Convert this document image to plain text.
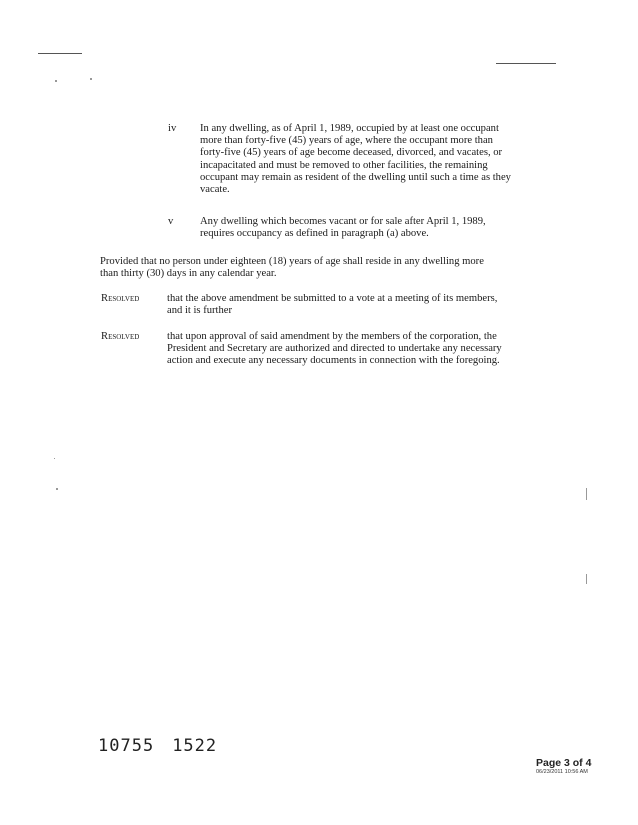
iv In any dwelling, as of April 1, 1989, occupied by at least one occupant
more than forty-five (45) years of age, where the occupant more than
forty-five (45) years of age become deceased, divorced, and vacates, or
incapacitated and must be removed to other facilities, the remaining
occupant may remain as resident of the dwelling until such a time as they
vacate.
v	Any dwelling which becomes vacant or for sale after April 1, 1989,
requires occupancy as defined in paragraph (a) above.
Provided that no person under eighteen (18) years of age shall reside in any dwelling more
than thirty (30) days in any calendar year.
Resolved	that the above amendment be submitted to a vote at a meeting of its members,
and it is further
Resolved	that upon approval of said amendment by the members of the corporation, the
President and Secretary are authorized and directed to undertake any necessary
action and execute any necessary documents in connection with the foregoing.
10755 1522
Page 3 of 4
06/23/2011 10:56 AM
